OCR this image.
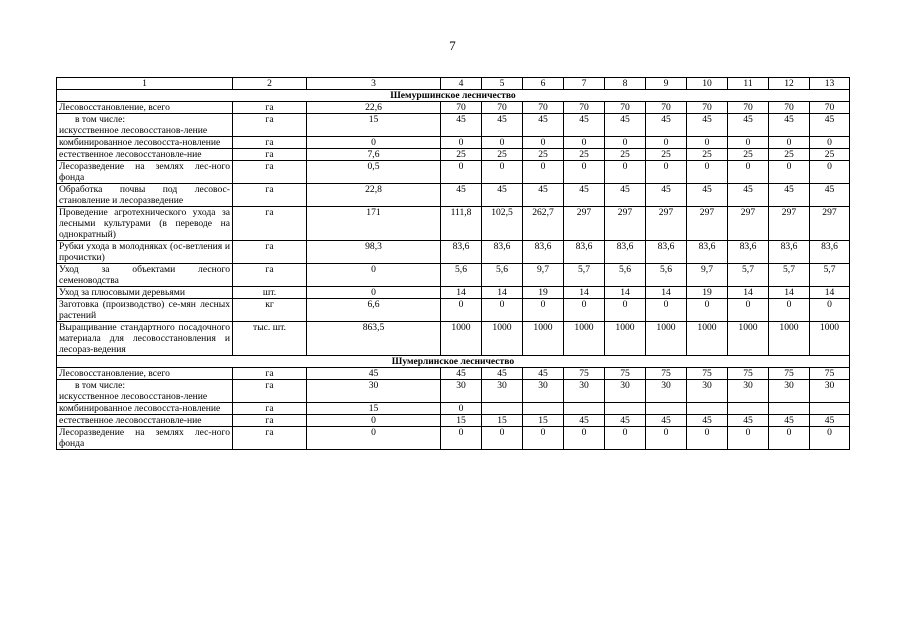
7
1	2	3	4	5	6	7	8	9	10	11	12	13
Шемуршинское лесничество												
Лесовосстановление, всего	га	22,6	70	70	70	70	70	70	70	70	70	70

в том числе:
искусственное лесовосстанов-ление	га	15	45	45	45	45	45	45	45	45	45	45
комбинированное лесовосста-новление	га	0	0	0	0	0	0	0	0	0	0	0
естественное лесовосстановле-ние	га	7,6	25	25	25	25	25	25	25	25	25	25
Лесоразведение на землях лес-ного фонда	га	0,5	0	0	0	0	0	0	0	0	0	0
Обработка почвы под лесовос-становление и лесоразведение	га	22,8	45	45	45	45	45	45	45	45	45	45
Проведение агротехнического ухода за лесными культурами (в переводе на однократный)	га	171	111,8	102,5	262,7	297	297	297	297	297	297	297
Рубки ухода в молодняках (ос-ветления и прочистки)	га	98,3	83,6	83,6	83,6	83,6	83,6	83,6	83,6	83,6	83,6	83,6
Уход за объектами лесного семеноводства	га	0	5,6	5,6	9,7	5,7	5,6	5,6	9,7	5,7	5,7	5,7
Уход за плюсовыми деревьями	шт.	0	14	14	19	14	14	14	19	14	14	14
Заготовка (производство) се-мян лесных растений	кг	6,6	0	0	0	0	0	0	0	0	0	0
Выращивание стандартного посадочного материала для лесовосстановления и лесораз-ведения	тыс. шт.	863,5	1000	1000	1000	1000	1000	1000	1000	1000	1000	1000
Шумерлинское лесничество												
Лесовосстановление, всего	га	45	45	45	45	75	75	75	75	75	75	75

в том числе:
искусственное лесовосстанов-ление	га	30	30	30	30	30	30	30	30	30	30	30
комбинированное лесовосста-новление	га	15	0									
естественное лесовосстановле-ние	га	0	15	15	15	45	45	45	45	45	45	45
Лесоразведение на землях лес-ного фонда	га	0	0	0	0	0	0	0	0	0	0	0
